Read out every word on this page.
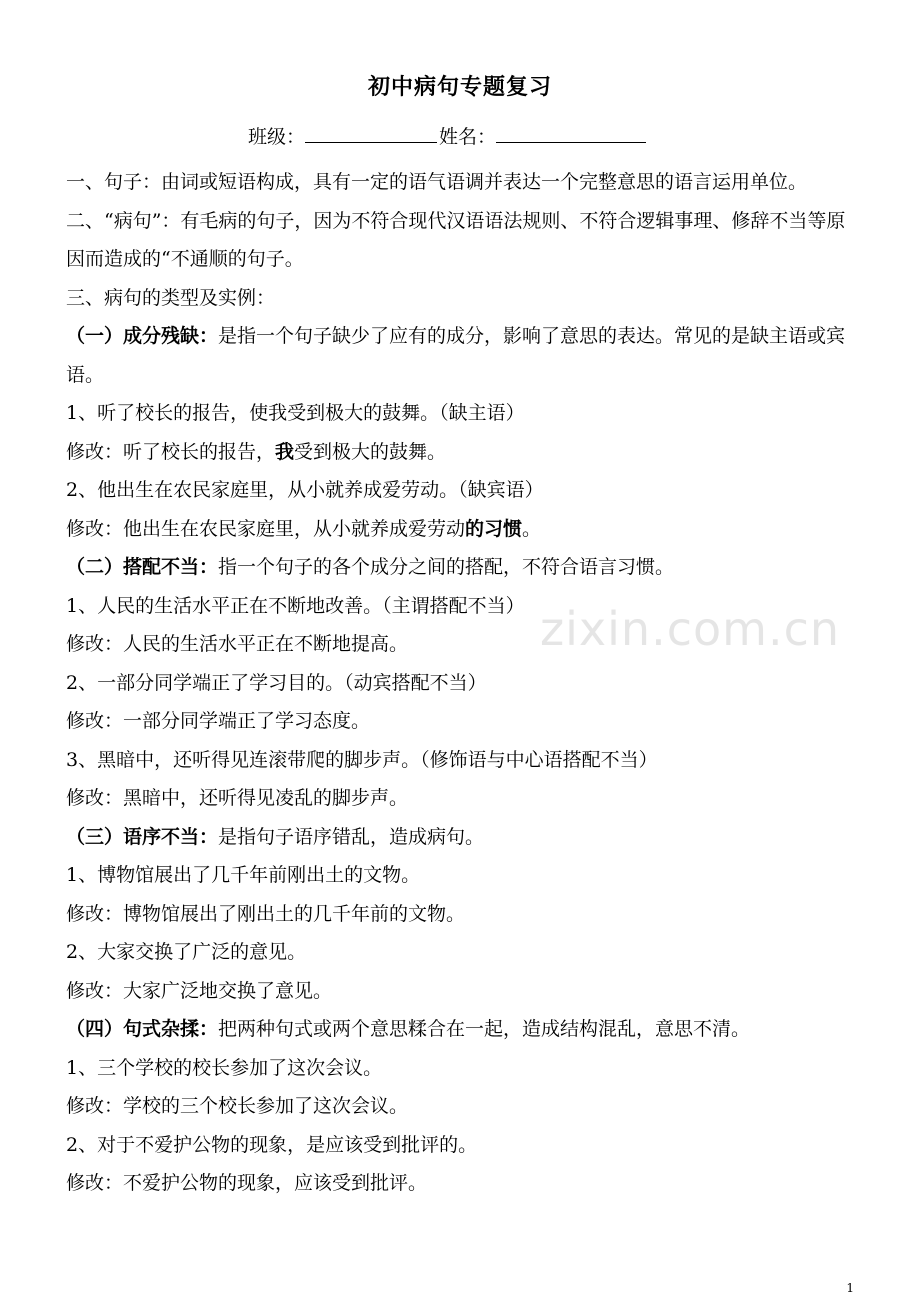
初中病句专题复习
班级：	姓名：

一、句子：由词或短语构成，具有一定的语气语调并表达一个完整意思的语言运用单位。

二、“病句”：有毛病的句子，因为不符合现代汉语语法规则、不符合逻辑事理、修辞不当等原因而造成的“不通顺的句子。

三、病句的类型及实例：

（一）成分残缺：是指一个句子缺少了应有的成分，影响了意思的表达。常见的是缺主语或宾语。

1、听了校长的报告，使我受到极大的鼓舞。（缺主语）

修改：听了校长的报告，我受到极大的鼓舞。

2、他出生在农民家庭里，从小就养成爱劳动。（缺宾语）

修改：他出生在农民家庭里，从小就养成爱劳动的习惯。

（二）搭配不当：指一个句子的各个成分之间的搭配，不符合语言习惯。

1、人民的生活水平正在不断地改善。（主谓搭配不当）

修改：人民的生活水平正在不断地提高。

2、一部分同学端正了学习目的。（动宾搭配不当）

修改：一部分同学端正了学习态度。

3、黑暗中，还听得见连滚带爬的脚步声。（修饰语与中心语搭配不当）

修改：黑暗中，还听得见凌乱的脚步声。

（三）语序不当：是指句子语序错乱，造成病句。

1、博物馆展出了几千年前刚出土的文物。

修改：博物馆展出了刚出土的几千年前的文物。

2、大家交换了广泛的意见。

修改：大家广泛地交换了意见。

（四）句式杂揉：把两种句式或两个意思糅合在一起，造成结构混乱，意思不清。

1、三个学校的校长参加了这次会议。

修改：学校的三个校长参加了这次会议。

2、对于不爱护公物的现象，是应该受到批评的。

修改：不爱护公物的现象，应该受到批评。

zixin.com.cn
1
